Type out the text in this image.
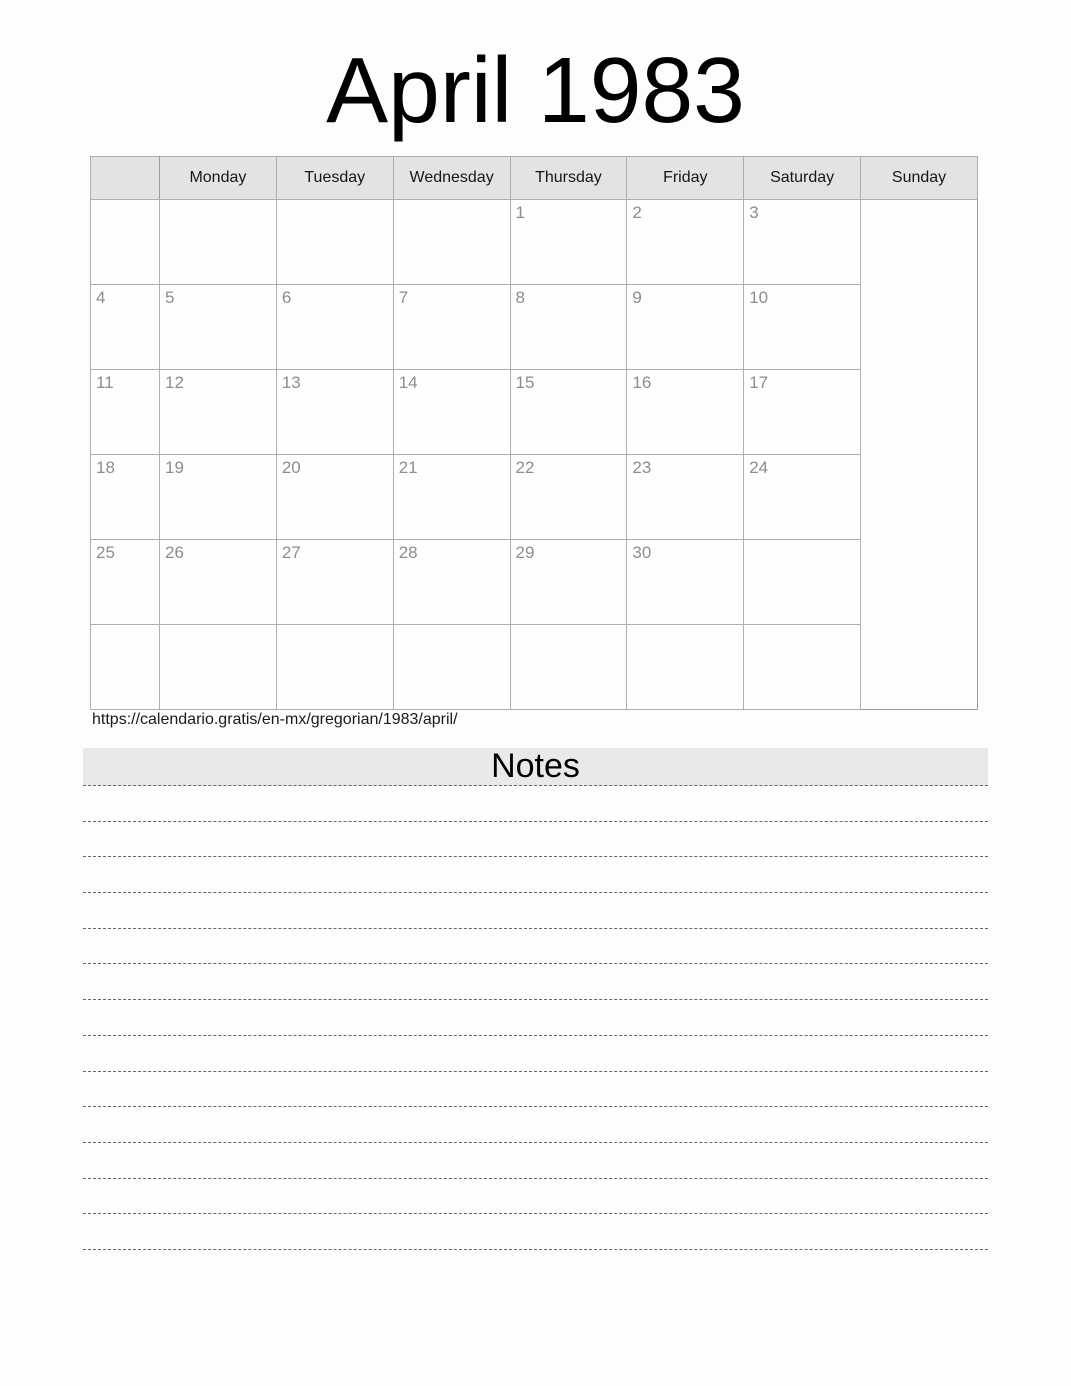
April 1983
	Monday	Tuesday	Wednesday	Thursday	Friday	Saturday	Sunday
				1	2	3	
4	5	6	7	8	9	10	
11	12	13	14	15	16	17	
18	19	20	21	22	23	24	
25	26	27	28	29	30		

https://calendario.gratis/en-mx/gregorian/1983/april/
Notes
